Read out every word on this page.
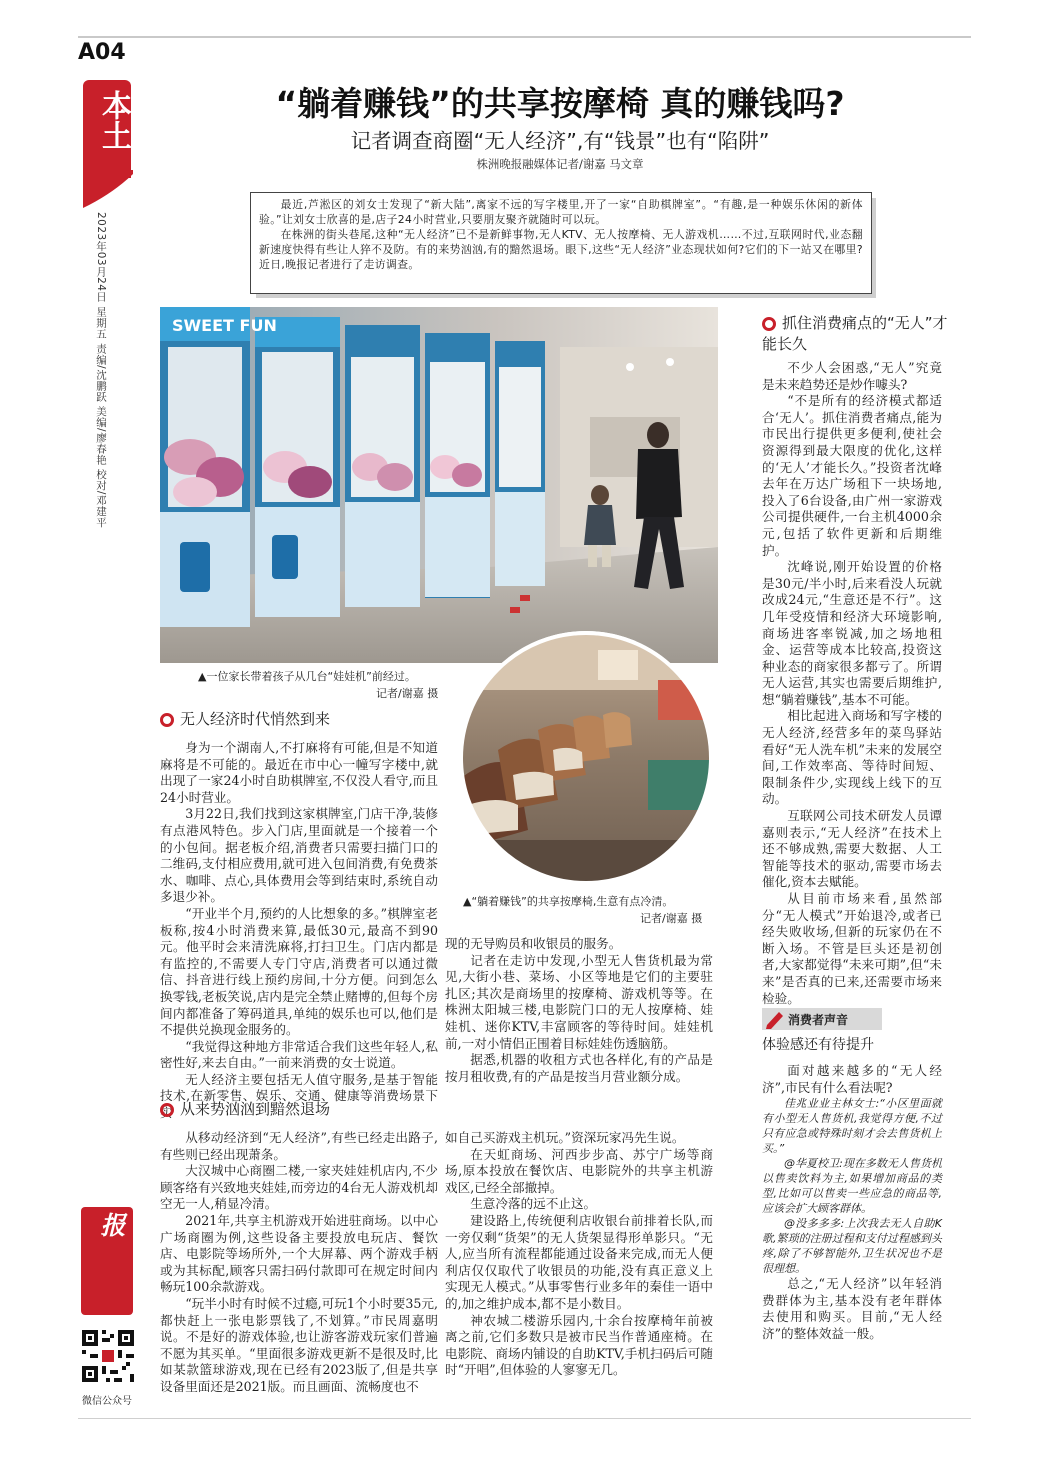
A04
本土
2023年03月24日 星期五 责编/沈鹏跃 美编/廖春艳 校对/邓建平
株洲晚报
微信公众号
“躺着赚钱”的共享按摩椅 真的赚钱吗?
记者调查商圈“无人经济”,有“钱景”也有“陷阱”
株洲晚报融媒体记者/谢嘉 马文章

最近,芦淞区的刘女士发现了“新大陆”,离家不远的写字楼里,开了一家“自助棋牌室”。“有趣,是一种娱乐休闲的新体验。”让刘女士欣喜的是,店子24小时营业,只要朋友聚齐就随时可以玩。

在株洲的街头巷尾,这种“无人经济”已不是新鲜事物,无人KTV、无人按摩椅、无人游戏机……不过,互联网时代,业态翻新速度快得有些让人猝不及防。有的来势汹汹,有的黯然退场。眼下,这些“无人经济”业态现状如何?它们的下一站又在哪里?近日,晚报记者进行了走访调查。

SWEET FUN
▲一位家长带着孩子从几台“娃娃机”前经过。
记者/谢嘉 摄
▲“躺着赚钱”的共享按摩椅,生意有点冷清。
记者/谢嘉 摄
无人经济时代悄然到来

身为一个湖南人,不打麻将有可能,但是不知道麻将是不可能的。最近在市中心一幢写字楼中,就出现了一家24小时自助棋牌室,不仅没人看守,而且24小时营业。

3月22日,我们找到这家棋牌室,门店干净,装修有点港风特色。步入门店,里面就是一个接着一个的小包间。据老板介绍,消费者只需要扫描门口的二维码,支付相应费用,就可进入包间消费,有免费茶水、咖啡、点心,具体费用会等到结束时,系统自动多退少补。

“开业半个月,预约的人比想象的多。”棋牌室老板称,按4小时消费来算,最低30元,最高不到90元。他平时会来清洗麻将,打扫卫生。门店内都是有监控的,不需要人专门守店,消费者可以通过微信、抖音进行线上预约房间,十分方便。问到怎么换零钱,老板笑说,店内是完全禁止赌博的,但每个房间内都准备了筹码道具,单纯的娱乐也可以,他们是不提供兑换现金服务的。

“我觉得这种地方非常适合我们这些年轻人,私密性好,来去自由。”一前来消费的女士说道。

无人经济主要包括无人值守服务,是基于智能技术,在新零售、娱乐、交通、健康等消费场景下实

现的无导购员和收银员的服务。

记者在走访中发现,小型无人售货机最为常见,大街小巷、菜场、小区等地是它们的主要驻扎区;其次是商场里的按摩椅、游戏机等等。在株洲太阳城三楼,电影院门口的无人按摩椅、娃娃机、迷你KTV,丰富顾客的等待时间。娃娃机前,一对小情侣正围着目标娃娃伤透脑筋。

据悉,机器的收租方式也各样化,有的产品是按月租收费,有的产品是按当月营业额分成。

从来势汹汹到黯然退场

从移动经济到“无人经济”,有些已经走出路子,有些则已经出现萧条。

大汉城中心商圈二楼,一家夹娃娃机店内,不少顾客络有兴致地夹娃娃,而旁边的4台无人游戏机却空无一人,稍显冷清。

2021年,共享主机游戏开始进驻商场。以中心广场商圈为例,这些设备主要投放电玩店、餐饮店、电影院等场所外,一个大屏幕、两个游戏手柄或为其标配,顾客只需扫码付款即可在规定时间内畅玩100余款游戏。

“玩半小时有时候不过瘾,可玩1个小时要35元,都快赶上一张电影票钱了,不划算。”市民周嘉明说。不是好的游戏体验,也让游客游戏玩家们普遍不愿为其买单。“里面很多游戏更新不是很及时,比如某款篮球游戏,现在已经有2023版了,但是共享设备里面还是2021版。而且画面、流畅度也不

如自己买游戏主机玩。”资深玩家冯先生说。

在天虹商场、河西步步高、苏宁广场等商场,原本投放在餐饮店、电影院外的共享主机游戏区,已经全部撤掉。

生意冷落的远不止这。

建设路上,传统便利店收银台前排着长队,而一旁仅剩“货架”的无人货架显得形单影只。“无人,应当所有流程都能通过设备来完成,而无人便利店仅仅取代了收银员的功能,没有真正意义上实现无人模式。”从事零售行业多年的秦佳一语中的,加之维护成本,都不是小数目。

神农城二楼游乐园内,十余台按摩椅年前被离之前,它们多数只是被市民当作普通座椅。在电影院、商场内铺设的自助KTV,手机扫码后可随时“开唱”,但体验的人寥寥无几。

抓住消费痛点的“无人”才能长久

不少人会困惑,“无人”究竟是未来趋势还是炒作噱头?

“不是所有的经济模式都适合‘无人’。抓住消费者痛点,能为市民出行提供更多便利,使社会资源得到最大限度的优化,这样的‘无人’才能长久。”投资者沈峰去年在万达广场租下一块场地,投入了6台设备,由广州一家游戏公司提供硬件,一台主机4000余元,包括了软件更新和后期维护。

沈峰说,刚开始设置的价格是30元/半小时,后来看没人玩就改成24元,“生意还是不行”。这几年受疫情和经济大环境影响,商场进客率锐减,加之场地租金、运营等成本比较高,投资这种业态的商家很多都亏了。所谓无人运营,其实也需要后期维护,想“躺着赚钱”,基本不可能。

相比起进入商场和写字楼的无人经济,经营多年的菜鸟驿站看好“无人洗车机”未来的发展空间,工作效率高、等待时间短、限制条件少,实现线上线下的互动。

互联网公司技术研发人员谭嘉则表示,“无人经济”在技术上还不够成熟,需要大数据、人工智能等技术的驱动,需要市场去催化,资本去赋能。

从目前市场来看,虽然部分“无人模式”开始退冷,或者已经失败收场,但新的玩家仍在不断入场。不管是巨头还是初创者,大家都觉得“未来可期”,但“未来”是否真的已来,还需要市场来检验。

消费者声音
体验感还有待提升

面对越来越多的“无人经济”,市民有什么看法呢?

佳兆业业主林女士:“小区里面就有小型无人售货机,我觉得方便,不过只有应急或特殊时刻才会去售货机上买。”

@华夏校卫:现在多数无人售货机以售卖饮料为主,如果增加商品的类型,比如可以售卖一些应急的商品等,应该会扩大顾客群体。

@没多多多:上次我去无人自助K歌,繁琐的注册过程和支付过程感到头疼,除了不够智能外,卫生状况也不是很理想。

总之,“无人经济”以年轻消费群体为主,基本没有老年群体去使用和购买。目前,“无人经济”的整体效益一般。
